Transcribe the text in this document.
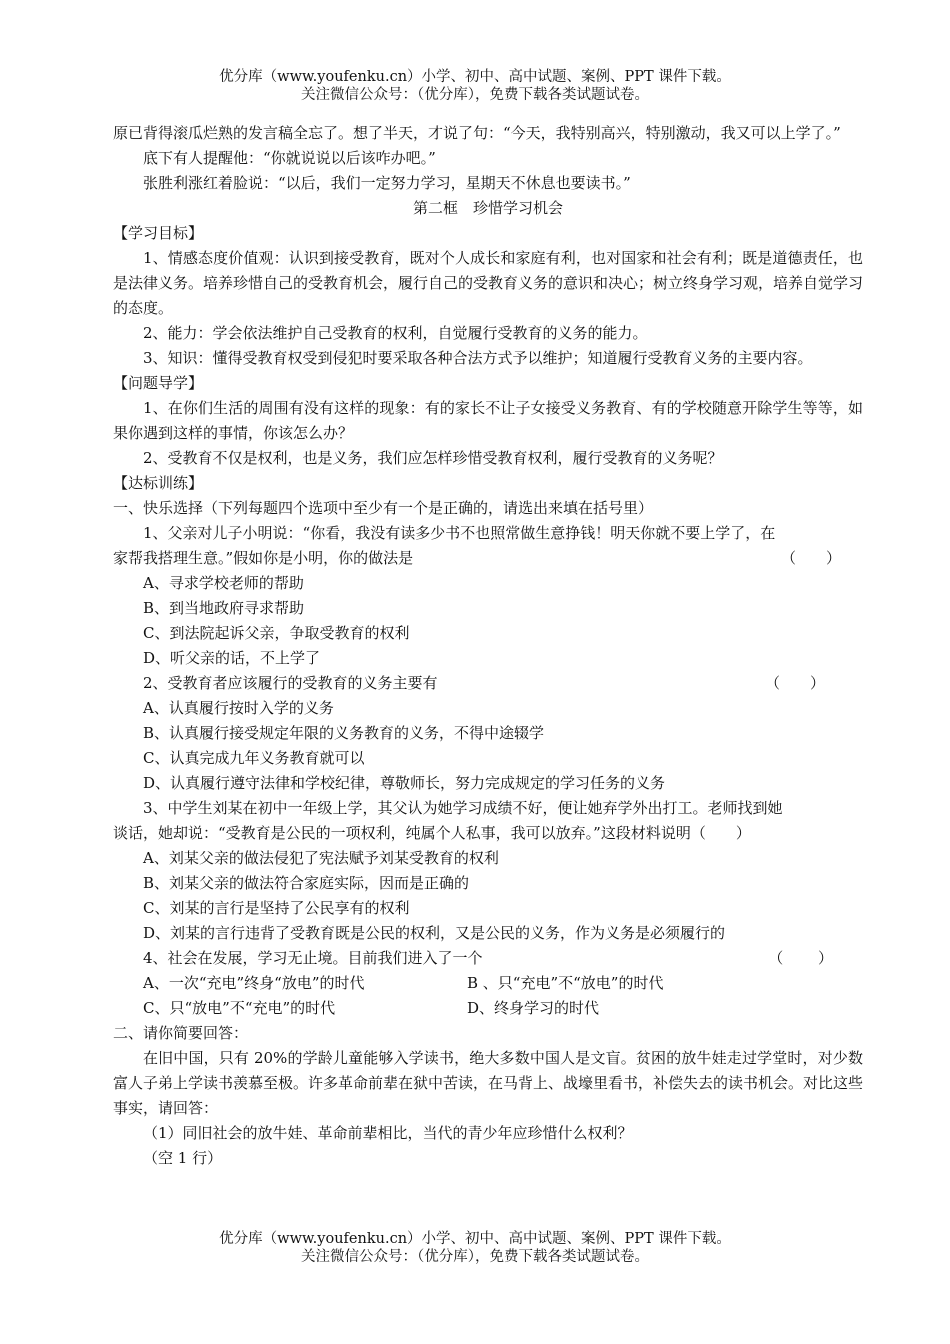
优分库（www.youfenku.cn）小学、初中、高中试题、案例、PPT 课件下载。
关注微信公众号：（优分库），免费下载各类试题试卷。

原已背得滚瓜烂熟的发言稿全忘了。想了半天，才说了句：“今天，我特别高兴，特别激动，我又可以上学了。”

底下有人提醒他：“你就说说以后该咋办吧。”

张胜利涨红着脸说：“以后，我们一定努力学习，星期天不休息也要读书。”

第二框　珍惜学习机会

【学习目标】

1、情感态度价值观：认识到接受教育，既对个人成长和家庭有利，也对国家和社会有利；既是道德责任，也是法律义务。培养珍惜自己的受教育机会，履行自己的受教育义务的意识和决心；树立终身学习观，培养自觉学习的态度。

2、能力：学会依法维护自己受教育的权利，自觉履行受教育的义务的能力。

3、知识：懂得受教育权受到侵犯时要采取各种合法方式予以维护；知道履行受教育义务的主要内容。

【问题导学】

1、在你们生活的周围有没有这样的现象：有的家长不让子女接受义务教育、有的学校随意开除学生等等，如果你遇到这样的事情，你该怎么办？

2、受教育不仅是权利，也是义务，我们应怎样珍惜受教育权利，履行受教育的义务呢？

【达标训练】

一、快乐选择（下列每题四个选项中至少有一个是正确的，请选出来填在括号里）

1、父亲对儿子小明说：“你看，我没有读多少书不也照常做生意挣钱！明天你就不要上学了，在

家帮我搭理生意。”假如你是小明，你的做法是	（　　）

A、寻求学校老师的帮助

B、到当地政府寻求帮助

C、到法院起诉父亲，争取受教育的权利

D、听父亲的话，不上学了

2、受教育者应该履行的受教育的义务主要有	（　　）

A、认真履行按时入学的义务

B、认真履行接受规定年限的义务教育的义务，不得中途辍学

C、认真完成九年义务教育就可以

D、认真履行遵守法律和学校纪律，尊敬师长，努力完成规定的学习任务的义务

3、中学生刘某在初中一年级上学，其父认为她学习成绩不好，便让她弃学外出打工。老师找到她

谈话，她却说：“受教育是公民的一项权利，纯属个人私事，我可以放弃。”这段材料说明（　　）

A、刘某父亲的做法侵犯了宪法赋予刘某受教育的权利

B、刘某父亲的做法符合家庭实际，因而是正确的

C、刘某的言行是坚持了公民享有的权利

D、刘某的言行违背了受教育既是公民的权利，又是公民的义务，作为义务是必须履行的

4、社会在发展，学习无止境。目前我们进入了一个	（　　 ）
A、一次“充电”终身“放电”的时代	B 、只“充电”不“放电”的时代
C、只“放电”不“充电”的时代	D、终身学习的时代

二、请你简要回答：

在旧中国，只有 20%的学龄儿童能够入学读书，绝大多数中国人是文盲。贫困的放牛娃走过学堂时，对少数富人子弟上学读书羡慕至极。许多革命前辈在狱中苦读，在马背上、战壕里看书，补偿失去的读书机会。对比这些事实，请回答：

（1）同旧社会的放牛娃、革命前辈相比，当代的青少年应珍惜什么权利？

（空 1 行）

优分库（www.youfenku.cn）小学、初中、高中试题、案例、PPT 课件下载。
关注微信公众号：（优分库），免费下载各类试题试卷。
